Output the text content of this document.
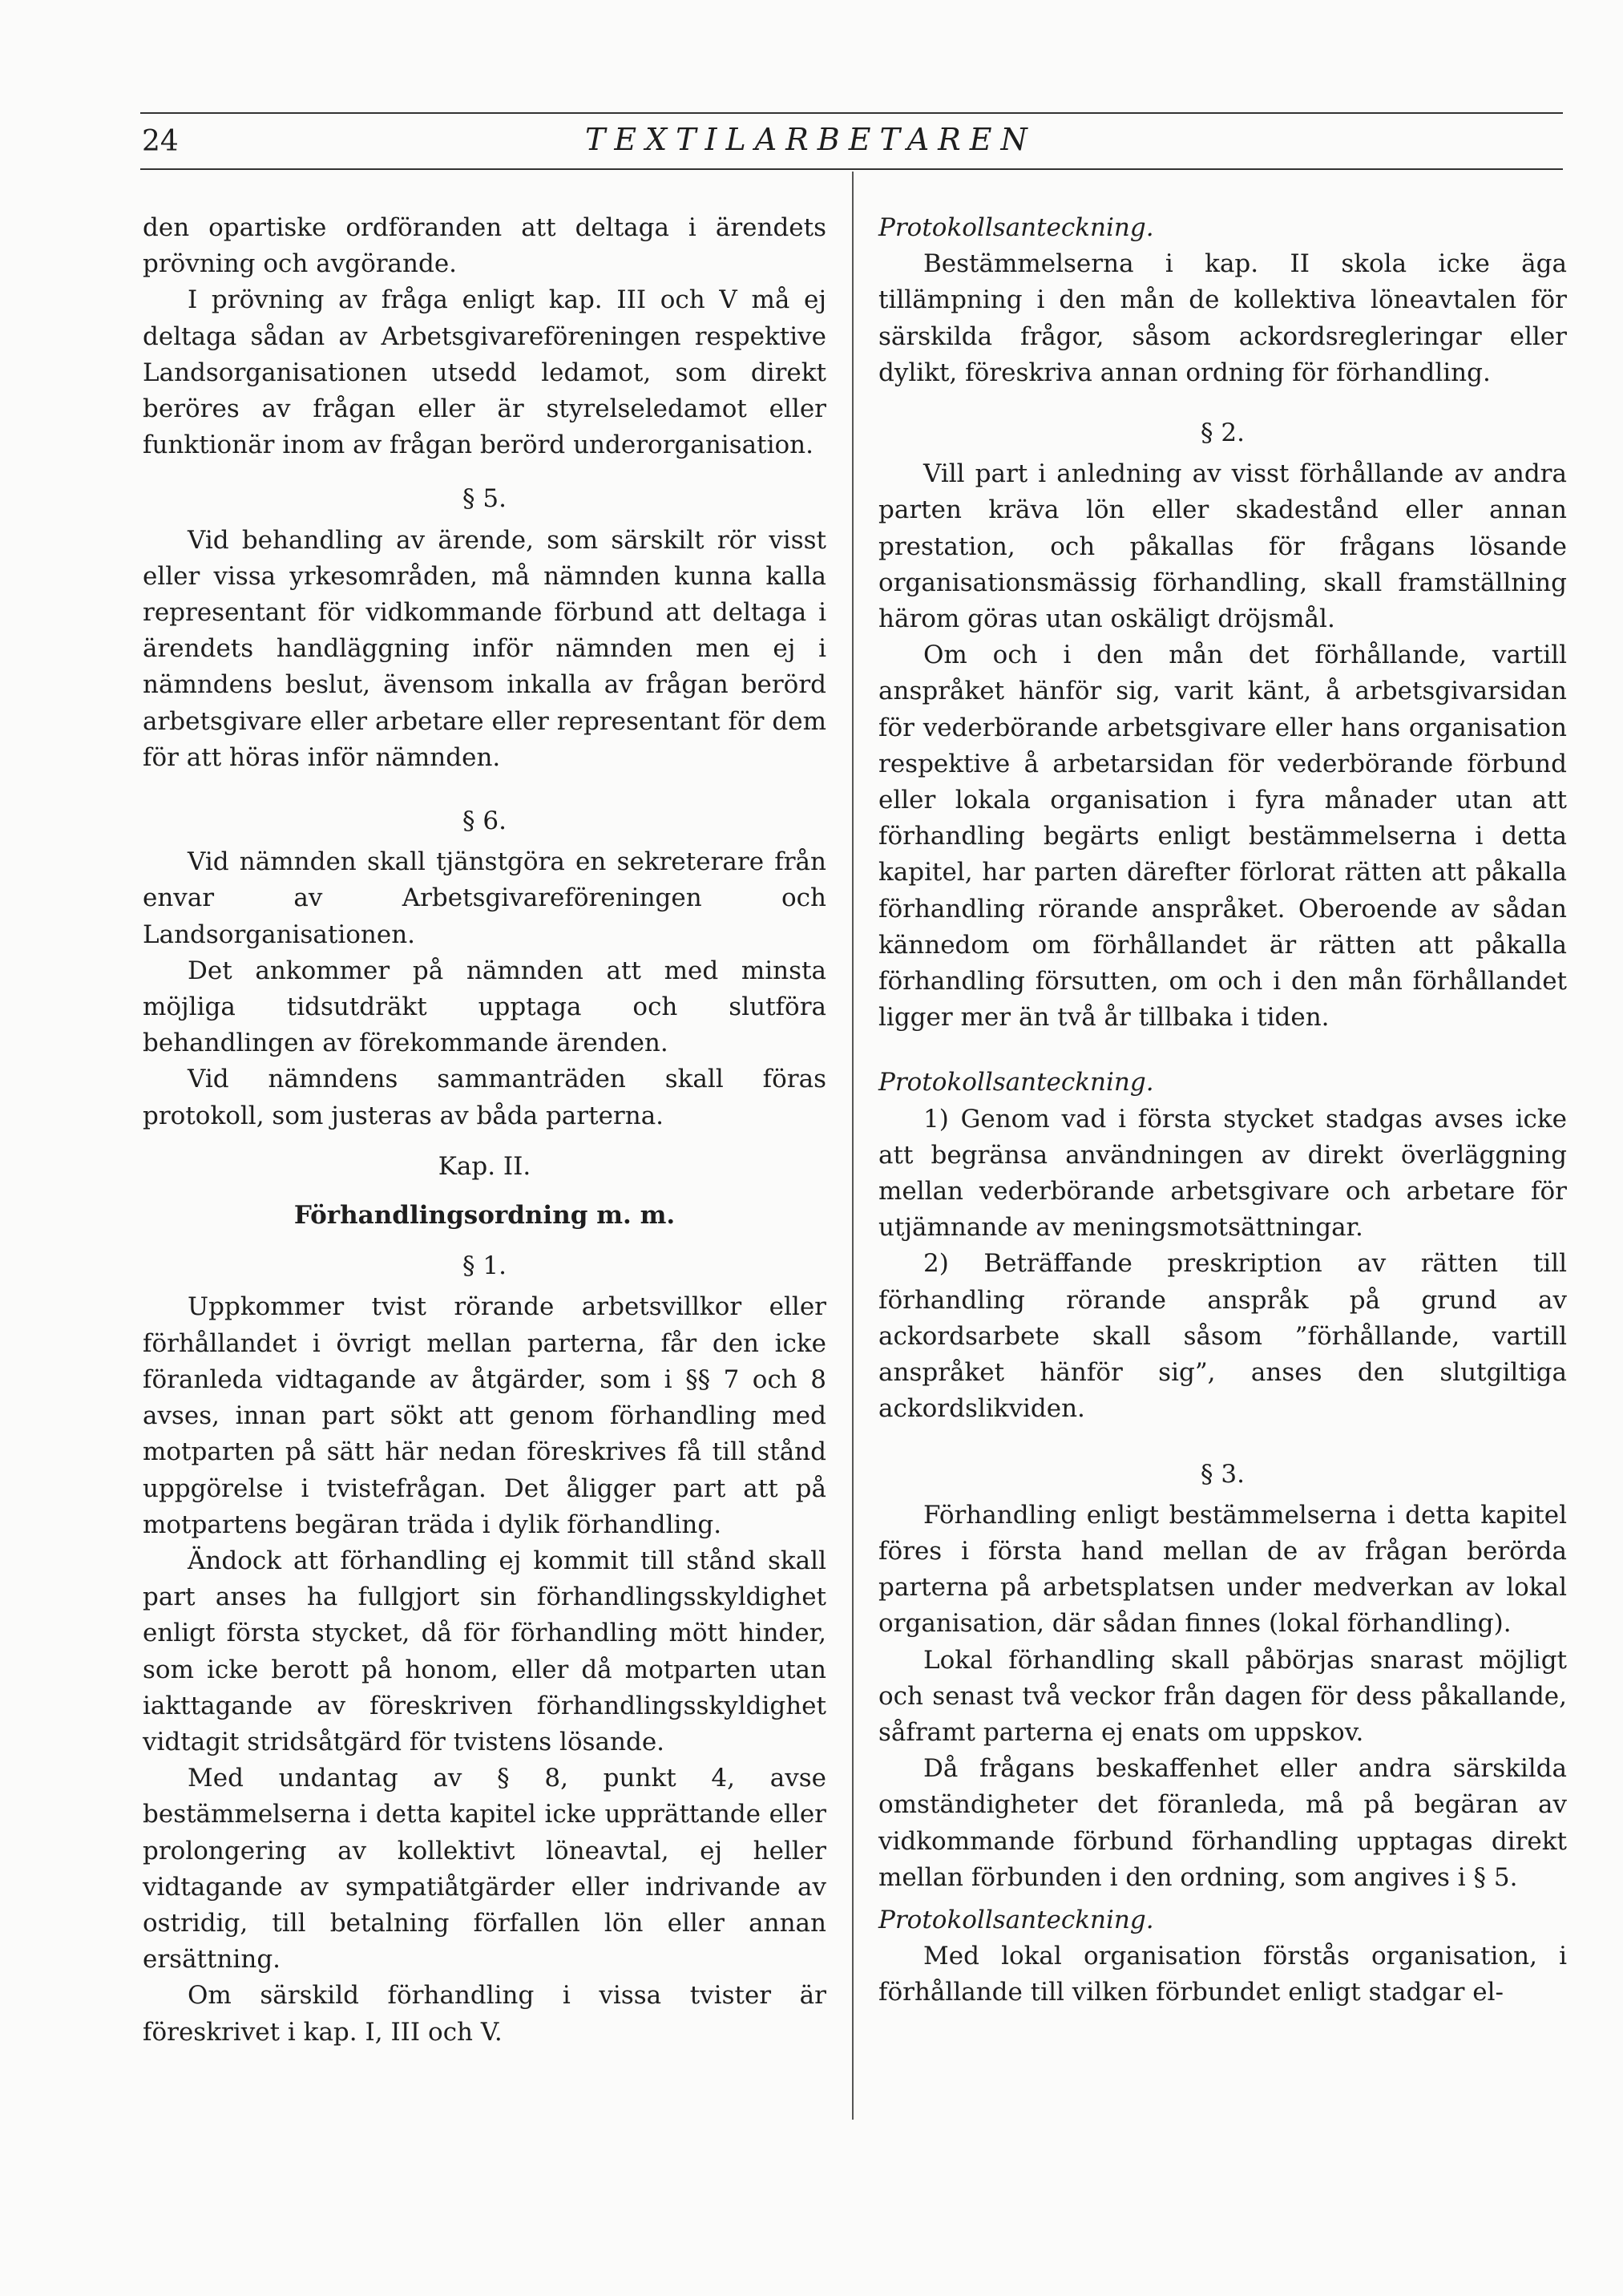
24	TEXTILARBETAREN

den opartiske ordföranden att deltaga i ärendets prövning och avgörande.

I prövning av fråga enligt kap. III och V må ej deltaga sådan av Arbetsgivareföreningen respektive Landsorganisationen utsedd ledamot, som direkt beröres av frågan eller är styrelseledamot eller funktionär inom av frågan berörd underorganisation.

§ 5.

Vid behandling av ärende, som särskilt rör visst eller vissa yrkesområden, må nämnden kunna kalla representant för vidkommande förbund att deltaga i ärendets handläggning inför nämnden men ej i nämndens beslut, ävensom inkalla av frågan berörd arbetsgivare eller arbetare eller representant för dem för att höras inför nämnden.

§ 6.

Vid nämnden skall tjänstgöra en sekreterare från envar av Arbetsgivareföreningen och Landsorganisationen.

Det ankommer på nämnden att med minsta möjliga tidsutdräkt upptaga och slutföra behandlingen av förekommande ärenden.

Vid nämndens sammanträden skall föras protokoll, som justeras av båda parterna.

Kap. II.

Förhandlingsordning m. m.

§ 1.

Uppkommer tvist rörande arbetsvillkor eller förhållandet i övrigt mellan parterna, får den icke föranleda vidtagande av åtgärder, som i §§ 7 och 8 avses, innan part sökt att genom förhandling med motparten på sätt här nedan föreskrives få till stånd uppgörelse i tvistefrågan. Det åligger part att på motpartens begäran träda i dylik förhandling.

Ändock att förhandling ej kommit till stånd skall part anses ha fullgjort sin förhandlingsskyldighet enligt första stycket, då för förhandling mött hinder, som icke berott på honom, eller då motparten utan iakttagande av föreskriven förhandlingsskyldighet vidtagit stridsåtgärd för tvistens lösande.

Med undantag av § 8, punkt 4, avse bestämmelserna i detta kapitel icke upprättande eller prolongering av kollektivt löneavtal, ej heller vidtagande av sympatiåtgärder eller indrivande av ostridig, till betalning förfallen lön eller annan ersättning.

Om särskild förhandling i vissa tvister är föreskrivet i kap. I, III och V.

Protokollsanteckning.

Bestämmelserna i kap. II skola icke äga tillämpning i den mån de kollektiva löneavtalen för särskilda frågor, såsom ackordsregleringar eller dylikt, föreskriva annan ordning för förhandling.

§ 2.

Vill part i anledning av visst förhållande av andra parten kräva lön eller skadestånd eller annan prestation, och påkallas för frågans lösande organisationsmässig förhandling, skall framställning härom göras utan oskäligt dröjsmål.

Om och i den mån det förhållande, vartill anspråket hänför sig, varit känt, å arbetsgivarsidan för vederbörande arbetsgivare eller hans organisation respektive å arbetarsidan för vederbörande förbund eller lokala organisation i fyra månader utan att förhandling begärts enligt bestämmelserna i detta kapitel, har parten därefter förlorat rätten att påkalla förhandling rörande anspråket. Oberoende av sådan kännedom om förhållandet är rätten att påkalla förhandling försutten, om och i den mån förhållandet ligger mer än två år tillbaka i tiden.

Protokollsanteckning.

1) Genom vad i första stycket stadgas avses icke att begränsa användningen av direkt överläggning mellan vederbörande arbetsgivare och arbetare för utjämnande av meningsmotsättningar.

2) Beträffande preskription av rätten till förhandling rörande anspråk på grund av ackordsarbete skall såsom ”förhållande, vartill anspråket hänför sig”, anses den slutgiltiga ackordslikviden.

§ 3.

Förhandling enligt bestämmelserna i detta kapitel föres i första hand mellan de av frågan berörda parterna på arbetsplatsen under medverkan av lokal organisation, där sådan finnes (lokal förhandling).

Lokal förhandling skall påbörjas snarast möjligt och senast två veckor från dagen för dess påkallande, såframt parterna ej enats om uppskov.

Då frågans beskaffenhet eller andra särskilda omständigheter det föranleda, må på begäran av vidkommande förbund förhandling upptagas direkt mellan förbunden i den ordning, som angives i § 5.

Protokollsanteckning.

Med lokal organisation förstås organisation, i förhållande till vilken förbundet enligt stadgar el-
